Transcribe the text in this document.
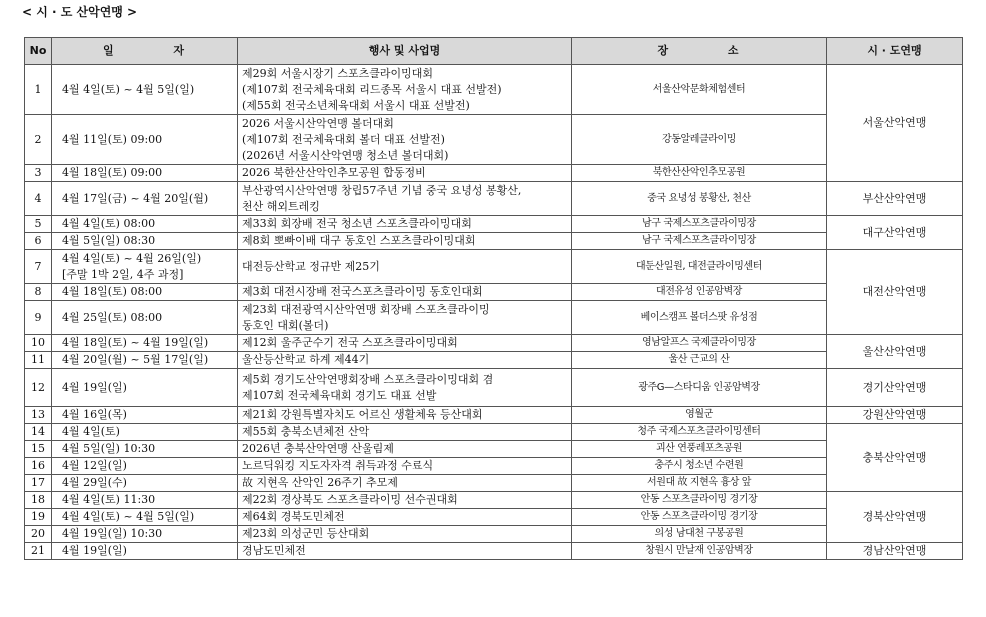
< 시 · 도 산악연맹 >
No	일 자	행사 및 사업명	장 소	시 · 도연맹
1	4월 4일(토) ~ 4월 5일(일)	제29회 서울시장기 스포츠클라이밍대회
(제107회 전국체육대회 리드종목 서울시 대표 선발전)
(제55회 전국소년체육대회 서울시 대표 선발전)	서울산악문화체험센터	서울산악연맹
2	4월 11일(토) 09:00	2026 서울시산악연맹 볼더대회
(제107회 전국체육대회 볼더 대표 선발전)
(2026년 서울시산악연맹 청소년 볼더대회)	강동알레클라이밍	
3	4월 18일(토) 09:00	2026 북한산산악인추모공원 합동정비	북한산산악인추모공원	
4	4월 17일(금) ~ 4월 20일(월)	부산광역시산악연맹 창립57주년 기념 중국 요녕성 봉황산,
천산 해외트레킹	중국 요녕성 봉황산, 천산	부산산악연맹
5	4월 4일(토) 08:00	제33회 회장배 전국 청소년 스포츠클라이밍대회	남구 국제스포츠클라이밍장	대구산악연맹
6	4월 5일(일) 08:30	제8회 뽀빠이배 대구 동호인 스포츠클라이밍대회	남구 국제스포츠클라이밍장	
7	4월 4일(토) ~ 4월 26일(일)
[주말 1박 2일, 4주 과정]	대전등산학교 정규반 제25기	대둔산일원, 대전클라이밍센터	대전산악연맹
8	4월 18일(토) 08:00	제3회 대전시장배 전국스포츠클라이밍 동호인대회	대전유성 인공암벽장	
9	4월 25일(토) 08:00	제23회 대전광역시산악연맹 회장배 스포츠클라이밍
동호인 대회(볼더)	베이스캠프 볼더스팟 유성점	
10	4월 18일(토) ~ 4월 19일(일)	제12회 울주군수기 전국 스포츠클라이밍대회	영남알프스 국제클라이밍장	울산산악연맹
11	4월 20일(월) ~ 5월 17일(일)	울산등산학교 하계 제44기	울산 근교의 산	
12	4월 19일(일)	제5회 경기도산악연맹회장배 스포츠클라이밍대회 겸
제107회 전국체육대회 경기도 대표 선발	광주G—스타디움 인공암벽장	경기산악연맹
13	4월 16일(목)	제21회 강원특별자치도 어르신 생활체육 등산대회	영월군	강원산악연맹
14	4월 4일(토)	제55회 충북소년체전 산악	청주 국제스포츠클라이밍센터	충북산악연맹
15	4월 5일(일) 10:30	2026년 충북산악연맹 산울림제	괴산 연풍레포츠공원	
16	4월 12일(일)	노르딕워킹 지도자자격 취득과정 수료식	충주시 청소년 수련원	
17	4월 29일(수)	故 지현옥 산악인 26주기 추모제	서원대 故 지현옥 흉상 앞	
18	4월 4일(토) 11:30	제22회 경상북도 스포츠클라이밍 선수권대회	안동 스포츠클라이밍 경기장	경북산악연맹
19	4월 4일(토) ~ 4월 5일(일)	제64회 경북도민체전	안동 스포츠클라이밍 경기장	
20	4월 19일(일) 10:30	제23회 의성군민 등산대회	의성 남대천 구봉공원	
21	4월 19일(일)	경남도민체전	창원시 만날재 인공암벽장	경남산악연맹
